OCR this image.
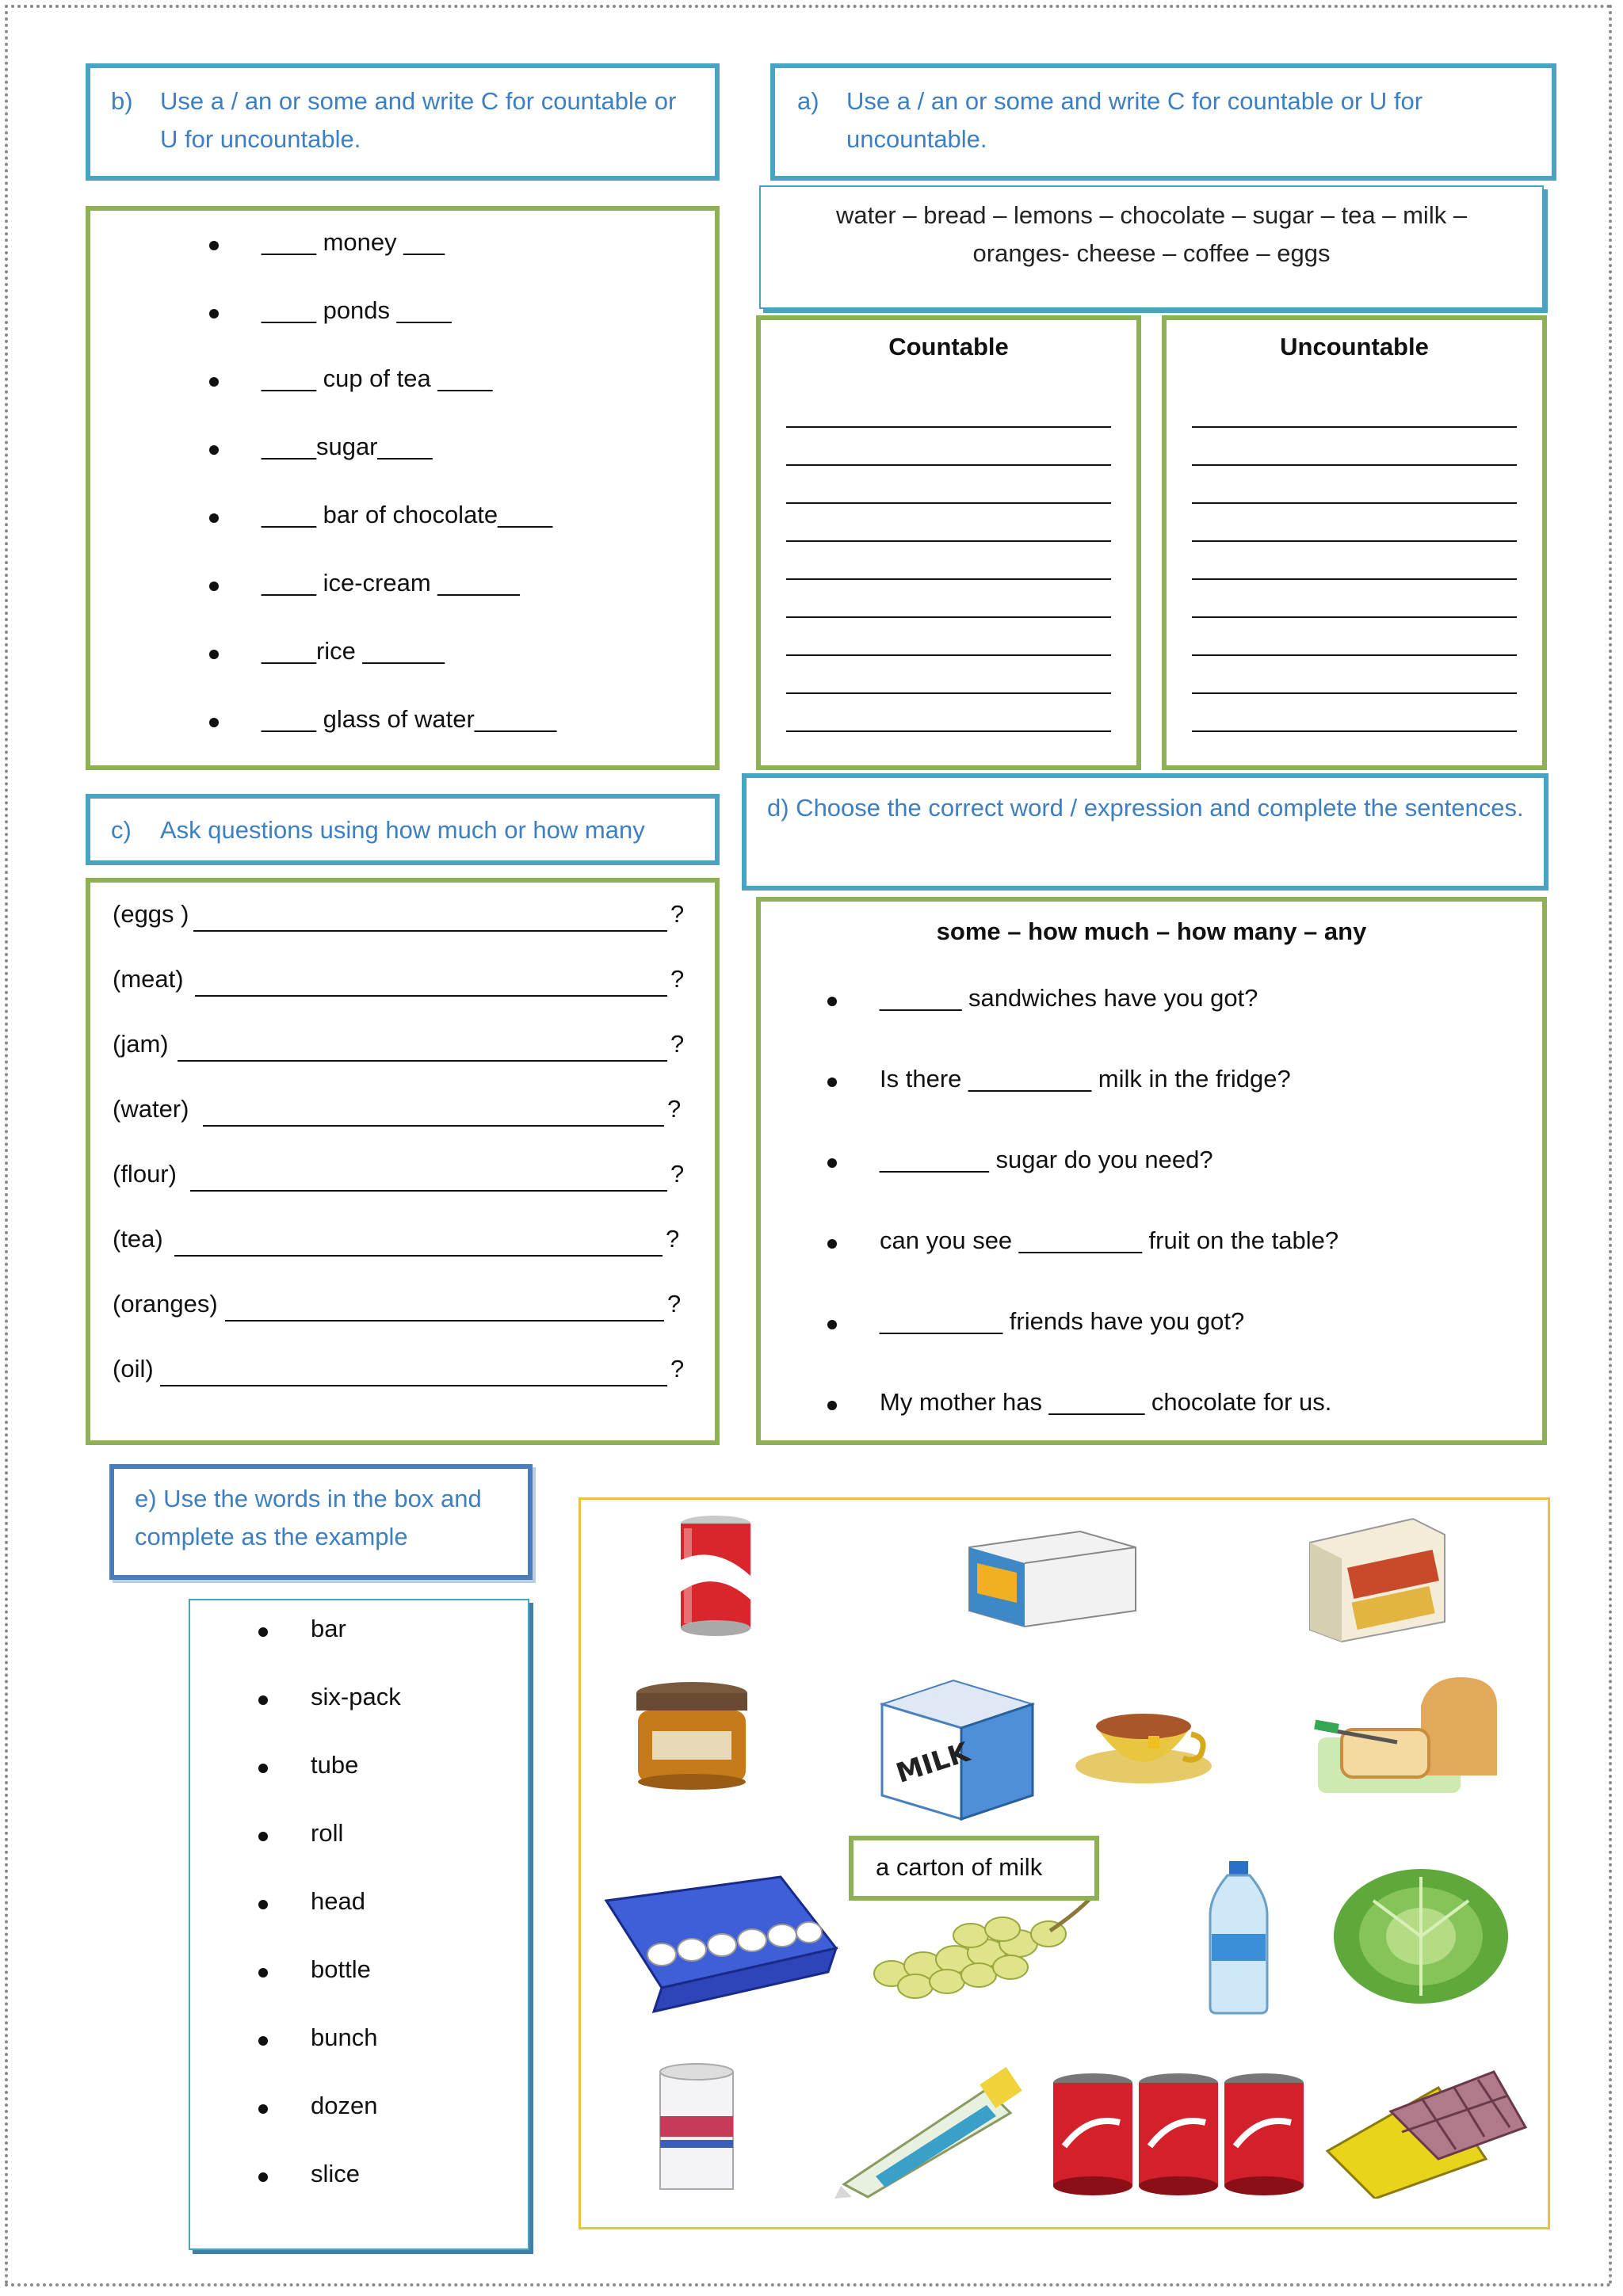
b)	Use a / an or some and write C for countable or U for uncountable.
____ money ___
____ ponds ____
____ cup of tea ____
____sugar____
____ bar of chocolate____
____ ice-cream ______
____rice ______
____ glass of water______
a)	Use a / an or some and write C for countable or U for uncountable.
water – bread – lemons – chocolate – sugar – tea – milk –
oranges- cheese – coffee – eggs
Countable	Uncountable
c)	Ask questions using how much or how many
(eggs )	?
(meat)	?
(jam)	?
(water)	?
(flour)	?
(tea)	?
(oranges)	?
(oil)	?
d) Choose the correct word / expression and complete the sentences.
some – how much – how many – any
______ sandwiches have you got?
Is there _________ milk in the fridge?
________ sugar do you need?
can you see _________ fruit on the table?
_________ friends have you got?
My mother has _______ chocolate for us.
e) Use the words in the box and complete as the example
bar
six-pack
tube
roll
head
bottle
bunch
dozen
slice
MILK
a carton of milk
